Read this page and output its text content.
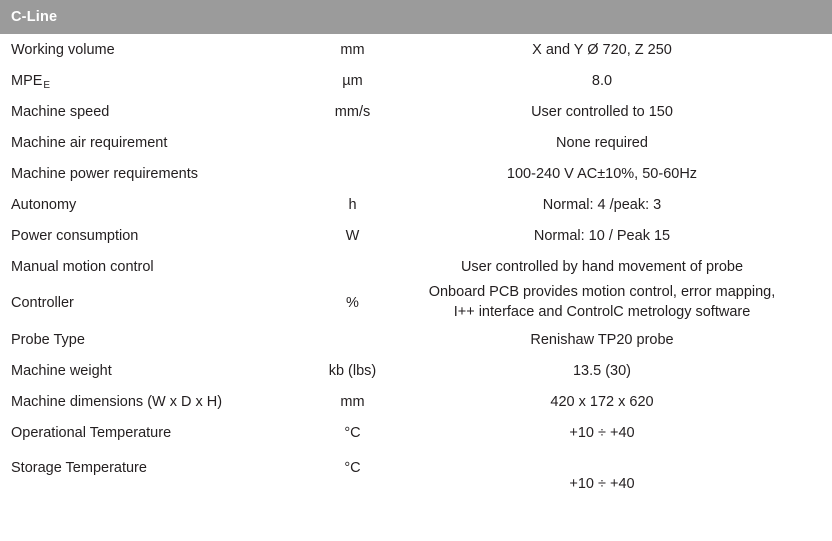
C-Line
Working volume	mm	X and Y Ø 720, Z 250
$MPE_E$	µm	8.0
Machine speed	mm/s	User controlled to 150
Machine air requirement		None required
Machine power requirements		100-240 V AC±10%, 50-60Hz
Autonomy	h	Normal: 4 /peak: 3
Power consumption	W	Normal: 10 / Peak 15
Manual motion control		User controlled by hand movement of probe
Controller	%	Onboard PCB provides motion control, error mapping,
I++ interface and ControlC metrology software

Probe Type		Renishaw TP20 probe
Machine weight	kb (lbs)	13.5 (30)
Machine dimensions (W x D x H)	mm	420 x 172 x 620
Operational Temperature	°C	+10 ÷ +40
Storage Temperature	°C	+10 ÷ +40
